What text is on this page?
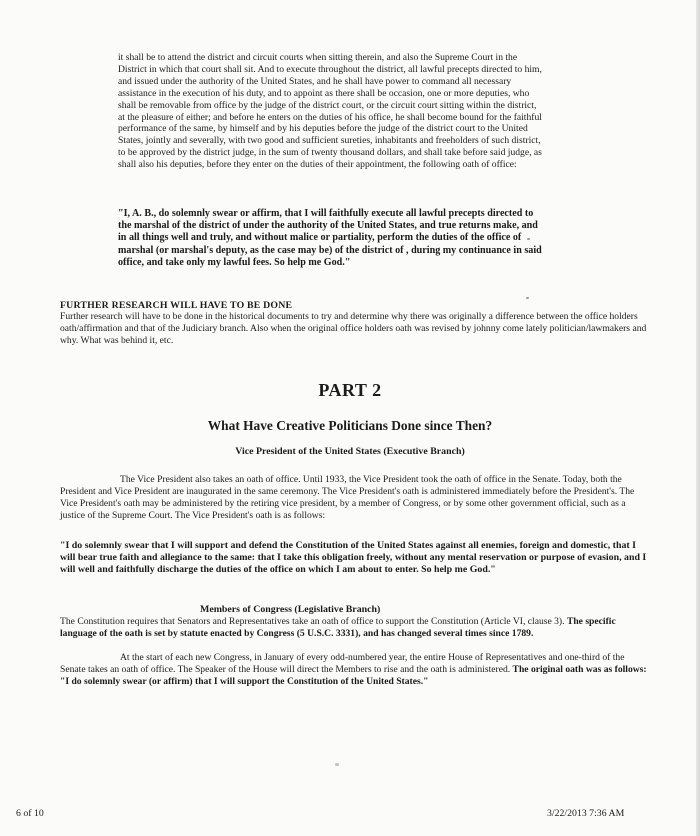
it shall be to attend the district and circuit courts when sitting therein, and also the Supreme Court in the District in which that court shall sit. And to execute throughout the district, all lawful precepts directed to him, and issued under the authority of the United States, and he shall have power to command all necessary assistance in the execution of his duty, and to appoint as there shall be occasion, one or more deputies, who shall be removable from office by the judge of the district court, or the circuit court sitting within the district, at the pleasure of either; and before he enters on the duties of his office, he shall become bound for the faithful performance of the same, by himself and by his deputies before the judge of the district court to the United States, jointly and severally, with two good and sufficient sureties, inhabitants and freeholders of such district, to be approved by the district judge, in the sum of twenty thousand dollars, and shall take before said judge, as shall also his deputies, before they enter on the duties of their appointment, the following oath of office:

"I, A. B., do solemnly swear or affirm, that I will faithfully execute all lawful precepts directed to the marshal of the district of under the authority of the United States, and true returns make, and in all things well and truly, and without malice or partiality, perform the duties of the office of marshal (or marshal's deputy, as the case may be) of the district of , during my continuance in said office, and take only my lawful fees. So help me God."

FURTHER RESEARCH WILL HAVE TO BE DONE

Further research will have to be done in the historical documents to try and determine why there was originally a difference between the office holders oath/affirmation and that of the Judiciary branch. Also when the original office holders oath was revised by johnny come lately politician/lawmakers and why. What was behind it, etc.

PART 2

What Have Creative Politicians Done since Then?

Vice President of the United States (Executive Branch)

The Vice President also takes an oath of office. Until 1933, the Vice President took the oath of office in the Senate. Today, both the President and Vice President are inaugurated in the same ceremony. The Vice President's oath is administered immediately before the President's. The Vice President's oath may be administered by the retiring vice president, by a member of Congress, or by some other government official, such as a justice of the Supreme Court. The Vice President's oath is as follows:

"I do solemnly swear that I will support and defend the Constitution of the United States against all enemies, foreign and domestic, that I will bear true faith and allegiance to the same: that I take this obligation freely, without any mental reservation or purpose of evasion, and I will well and faithfully discharge the duties of the office on which I am about to enter. So help me God."

Members of Congress (Legislative Branch)

The Constitution requires that Senators and Representatives take an oath of office to support the Constitution (Article VI, clause 3). The specific language of the oath is set by statute enacted by Congress (5 U.S.C. 3331), and has changed several times since 1789.

At the start of each new Congress, in January of every odd-numbered year, the entire House of Representatives and one-third of the Senate takes an oath of office. The Speaker of the House will direct the Members to rise and the oath is administered. The original oath was as follows: "I do solemnly swear (or affirm) that I will support the Constitution of the United States."

6 of 10	3/22/2013 7:36 AM
